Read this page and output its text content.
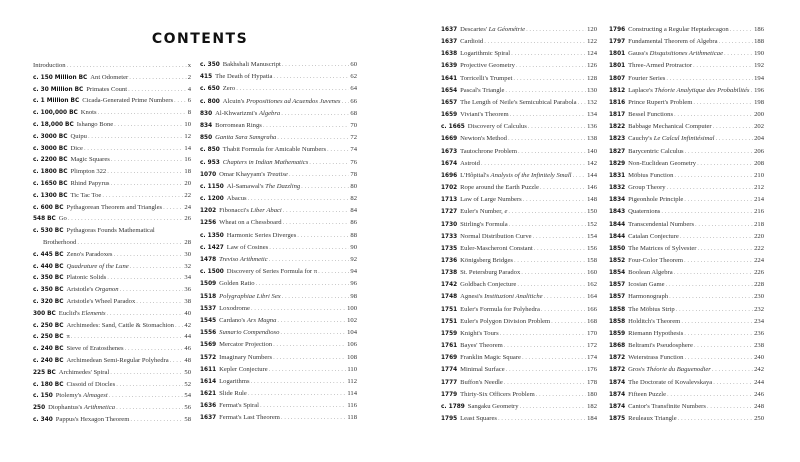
CONTENTS
Introduction . . .	x
c. 150 Million BC Ant Odometer . . .	2
c. 30 Million BC Primates Count . . .	4
c. 1 Million BC Cicada-Generated Prime Numbers . . . 6
c. 100,000 BC Knots . . .	8
c. 18,000 BC Ishango Bone . . .	10
c. 3000 BC Quipu . . .	12
c. 3000 BC Dice . . .	14
c. 2200 BC Magic Squares . . .	16
c. 1800 BC Plimpton 322 . . .	18
c. 1650 BC Rhind Papyrus . . .	20
c. 1300 BC Tic Tac Toe . . .	22
c. 600 BC Pythagorean Theorem and Triangles . . .	24
548 BC Go . . .	26
c. 530 BC Pythagoras Founds Mathematical
Brotherhood . . .	28
c. 445 BC Zeno's Paradoxes . . .	30
c. 440 BC Quadrature of the Lune . . .	32
c. 350 BC Platonic Solids . . .	34
c. 350 BC Aristotle's Organon . . .	36
c. 320 BC Aristotle's Wheel Paradox . . .	38
300 BC Euclid's Elements . . .	40
c. 250 BC Archimedes: Sand, Cattle & Stomachion . . . 42
c. 250 BC π . . .	44
c. 240 BC Sieve of Eratosthenes . . .	46
c. 240 BC Archimedean Semi-Regular Polyhedra . . . 48
225 BC Archimedes' Spiral . . .	50
c. 180 BC Cissoid of Diocles . . .	52
c. 150 Ptolemy's Almagest . . .	54
250 Diophantus's Arithmetica . . .	56
c. 340 Pappus's Hexagon Theorem . . .	58
c. 350 Bakhshali Manuscript . . .	60
415 The Death of Hypatia . . .	62
c. 650 Zero . . .	64
c. 800 Alcuin's Propositiones ad Acuendos Juvenes . . . 66
830 Al-Khwarizmi's Algebra . . .	68
834 Borromean Rings . . .	70
850 Ganita Sara Samgraha . . .	72
c. 850 Thabit Formula for Amicable Numbers . . .	74
c. 953 Chapters in Indian Mathematics . . .	76
1070 Omar Khayyam's Treatise . . .	78
c. 1150 Al-Samawal's The Dazzling . . .	80
c. 1200 Abacus . . .	82
1202 Fibonacci's Liber Abaci . . .	84
1256 Wheat on a Chessboard . . .	86
c. 1350 Harmonic Series Diverges . . .	88
c. 1427 Law of Cosines . . .	90
1478 Treviso Arithmetic . . .	92
c. 1500 Discovery of Series Formula for π . . .	94
1509 Golden Ratio . . .	96
1518 Polygraphiae Libri Sex . . .	98
1537 Loxodrome . . .	100
1545 Cardano's Ars Magna . . .	102
1556 Sumario Compendioso . . .	104
1569 Mercator Projection . . .	106
1572 Imaginary Numbers . . .	108
1611 Kepler Conjecture . . .	110
1614 Logarithms . . .	112
1621 Slide Rule . . .	114
1636 Fermat's Spiral . . .	116
1637 Fermat's Last Theorem . . .	118
1637 Descartes' La Géométrie . . .	120
1637 Cardioid . . .	122
1638 Logarithmic Spiral . . .	124
1639 Projective Geometry . . .	126
1641 Torricelli's Trumpet . . .	128
1654 Pascal's Triangle . . .	130
1657 The Length of Neile's Semicubical Parabola . . . 132
1659 Viviani's Theorem . . .	134
c. 1665 Discovery of Calculus . . .	136
1669 Newton's Method . . .	138
1673 Tautochrone Problem . . .	140
1674 Astroid . . .	142
1696 L'Hôpital's Analysis of the Infinitely Small . . . 144
1702 Rope around the Earth Puzzle . . .	146
1713 Law of Large Numbers . . .	148
1727 Euler's Number, e . . .	150
1730 Stirling's Formula . . .	152
1733 Normal Distribution Curve . . .	154
1735 Euler-Mascheroni Constant . . .	156
1736 Königsberg Bridges . . .	158
1738 St. Petersburg Paradox . . .	160
1742 Goldbach Conjecture . . .	162
1748 Agnesi's Instituzioni Analitiche . . .	164
1751 Euler's Formula for Polyhedra . . .	166
1751 Euler's Polygon Division Problem . . .	168
1759 Knight's Tours . . .	170
1761 Bayes' Theorem . . .	172
1769 Franklin Magic Square . . .	174
1774 Minimal Surface . . .	176
1777 Buffon's Needle . . .	178
1779 Thirty-Six Officers Problem . . .	180
c. 1789 Sangaku Geometry . . .	182
1795 Least Squares . . .	184
1796 Constructing a Regular Heptadecagon . . .	186
1797 Fundamental Theorem of Algebra . . .	188
1801 Gauss's Disquisitiones Arithmeticae . . .	190
1801 Three-Armed Protractor . . .	192
1807 Fourier Series . . .	194
1812 Laplace's Théorie Analytique des Probabilités . . . 196
1816 Prince Rupert's Problem . . .	198
1817 Bessel Functions . . .	200
1822 Babbage Mechanical Computer . . .	202
1823 Cauchy's Le Calcul Infinitésimal . . .	204
1827 Barycentric Calculus . . .	206
1829 Non-Euclidean Geometry . . .	208
1831 Möbius Function . . .	210
1832 Group Theory . . .	212
1834 Pigeonhole Principle . . .	214
1843 Quaternions . . .	216
1844 Transcendental Numbers . . .	218
1844 Catalan Conjecture . . .	220
1850 The Matrices of Sylvester . . .	222
1852 Four-Color Theorem . . .	224
1854 Boolean Algebra . . .	226
1857 Icosian Game . . .	228
1857 Harmonograph . . .	230
1858 The Möbius Strip . . .	232
1858 Holditch's Theorem . . .	234
1859 Riemann Hypothesis . . .	236
1868 Beltrami's Pseudosphere . . .	238
1872 Weierstrass Function . . .	240
1872 Gros's Théorie du Baguenodier . . .	242
1874 The Doctorate of Kovalevskaya . . .	244
1874 Fifteen Puzzle . . .	246
1874 Cantor's Transfinite Numbers . . .	248
1875 Reuleaux Triangle . . .	250
